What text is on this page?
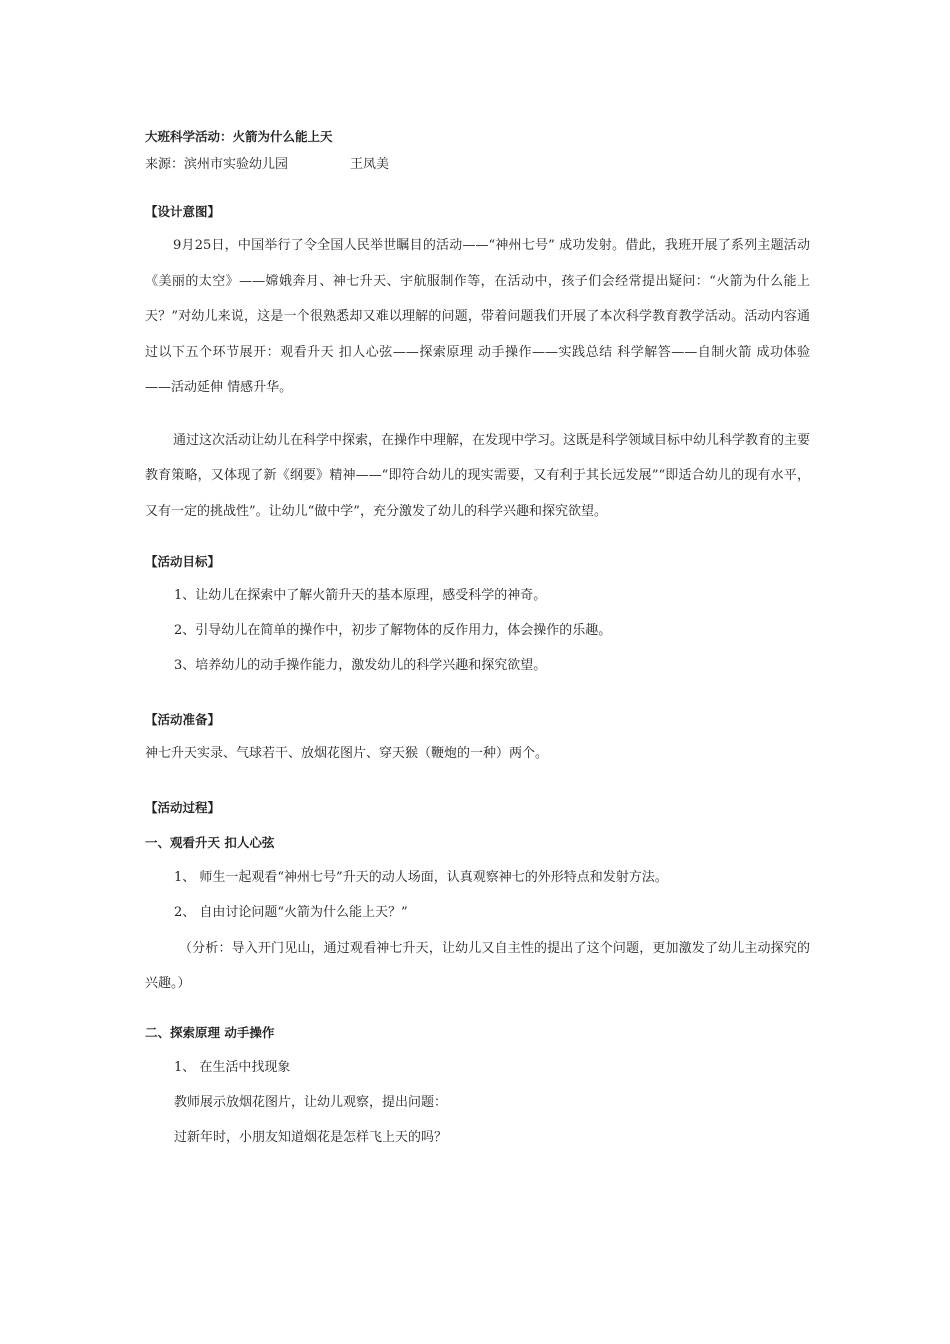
大班科学活动：火箭为什么能上天

来源：滨州市实验幼儿园	王凤美

【设计意图】

9月25日，中国举行了令全国人民举世瞩目的活动——“神州七号” 成功发射。借此，我班开展了系列主题活动《美丽的太空》——嫦娥奔月、神七升天、宇航服制作等，在活动中，孩子们会经常提出疑问：“火箭为什么能上天？”对幼儿来说，这是一个很熟悉却又难以理解的问题，带着问题我们开展了本次科学教育教学活动。活动内容通过以下五个环节展开：观看升天 扣人心弦——探索原理 动手操作——实践总结 科学解答——自制火箭 成功体验——活动延伸 情感升华。

通过这次活动让幼儿在科学中探索，在操作中理解，在发现中学习。这既是科学领域目标中幼儿科学教育的主要教育策略，又体现了新《纲要》精神——“即符合幼儿的现实需要，又有利于其长远发展”“即适合幼儿的现有水平，又有一定的挑战性”。让幼儿“做中学”，充分激发了幼儿的科学兴趣和探究欲望。

【活动目标】

1、让幼儿在探索中了解火箭升天的基本原理，感受科学的神奇。

2、引导幼儿在简单的操作中，初步了解物体的反作用力，体会操作的乐趣。

3、培养幼儿的动手操作能力，激发幼儿的科学兴趣和探究欲望。

【活动准备】

神七升天实录、气球若干、放烟花图片、穿天猴（鞭炮的一种）两个。

【活动过程】

一、观看升天 扣人心弦

1、 师生一起观看“神州七号”升天的动人场面，认真观察神七的外形特点和发射方法。

2、 自由讨论问题“火箭为什么能上天？”

（分析：导入开门见山，通过观看神七升天，让幼儿又自主性的提出了这个问题，更加激发了幼儿主动探究的兴趣。）

二、探索原理 动手操作

1、 在生活中找现象

教师展示放烟花图片，让幼儿观察，提出问题：

过新年时，小朋友知道烟花是怎样飞上天的吗？
